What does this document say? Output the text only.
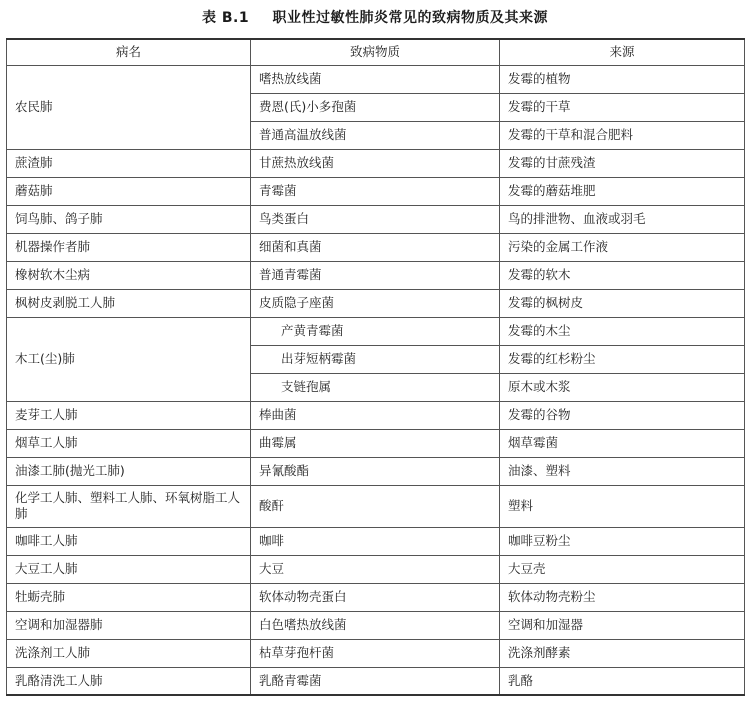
表 B.1 职业性过敏性肺炎常见的致病物质及其来源
病名	致病物质	来源
农民肺	嗜热放线菌	发霉的植物
	费恩(氏)小多孢菌	发霉的干草
	普通高温放线菌	发霉的干草和混合肥料
蔗渣肺	甘蔗热放线菌	发霉的甘蔗残渣
蘑菇肺	青霉菌	发霉的蘑菇堆肥
饲鸟肺、鸽子肺	鸟类蛋白	鸟的排泄物、血液或羽毛
机器操作者肺	细菌和真菌	污染的金属工作液
橡树软木尘病	普通青霉菌	发霉的软木
枫树皮剥脱工人肺	皮质隐子座菌	发霉的枫树皮
木工(尘)肺	产黄青霉菌	发霉的木尘
	出芽短柄霉菌	发霉的红杉粉尘
	支链孢属	原木或木浆
麦芽工人肺	棒曲菌	发霉的谷物
烟草工人肺	曲霉属	烟草霉菌
油漆工肺(抛光工肺)	异氰酸酯	油漆、塑料
化学工人肺、塑料工人肺、环氧树脂工人肺	酸酐	塑料
咖啡工人肺	咖啡	咖啡豆粉尘
大豆工人肺	大豆	大豆壳
牡蛎壳肺	软体动物壳蛋白	软体动物壳粉尘
空调和加湿器肺	白色嗜热放线菌	空调和加湿器
洗涤剂工人肺	枯草芽孢杆菌	洗涤剂酵素
乳酪清洗工人肺	乳酪青霉菌	乳酪
